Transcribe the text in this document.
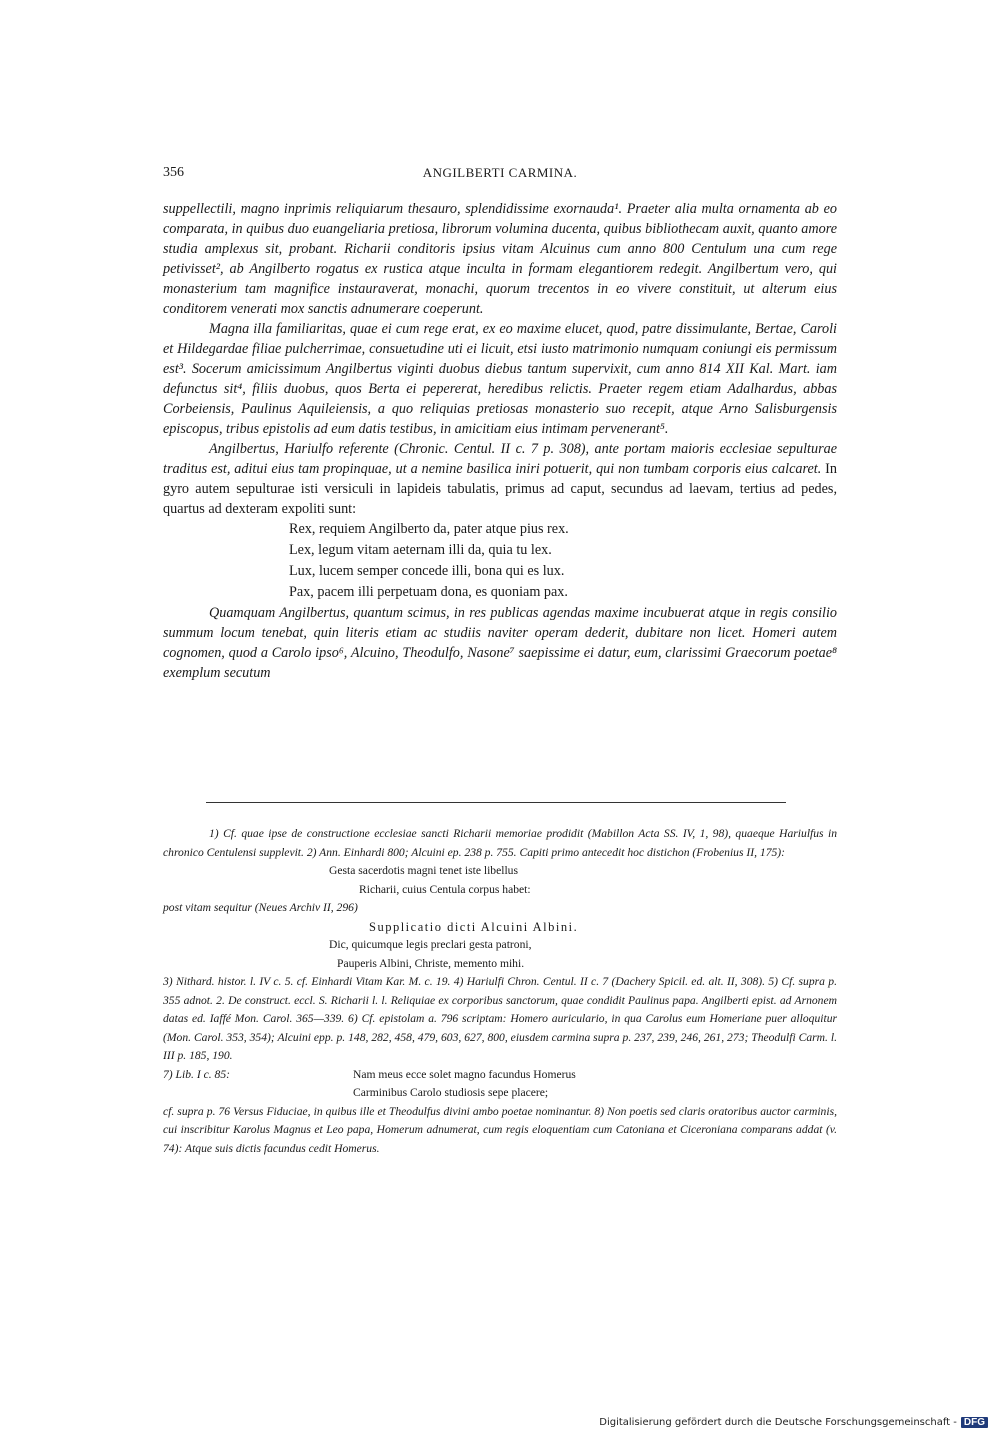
356	ANGILBERTI CARMINA.

suppellectili, magno inprimis reliquiarum thesauro, splendidissime exornauda¹. Praeter alia multa ornamenta ab eo comparata, in quibus duo euangeliaria pretiosa, librorum volumina ducenta, quibus bibliothecam auxit, quanto amore studia amplexus sit, probant. Richarii conditoris ipsius vitam Alcuinus cum anno 800 Centulum una cum rege petivisset², ab Angilberto rogatus ex rustica atque inculta in formam elegantiorem redegit. Angilbertum vero, qui monasterium tam magnifice instauraverat, monachi, quorum trecentos in eo vivere constituit, ut alterum eius conditorem venerati mox sanctis adnumerare coeperunt.

Magna illa familiaritas, quae ei cum rege erat, ex eo maxime elucet, quod, patre dissimulante, Bertae, Caroli et Hildegardae filiae pulcherrimae, consuetudine uti ei licuit, etsi iusto matrimonio numquam coniungi eis permissum est³. Socerum amicissimum Angilbertus viginti duobus diebus tantum supervixit, cum anno 814 XII Kal. Mart. iam defunctus sit⁴, filiis duobus, quos Berta ei pepererat, heredibus relictis. Praeter regem etiam Adalhardus, abbas Corbeiensis, Paulinus Aquileiensis, a quo reliquias pretiosas monasterio suo recepit, atque Arno Salisburgensis episcopus, tribus epistolis ad eum datis testibus, in amicitiam eius intimam pervenerant⁵.

Angilbertus, Hariulfo referente (Chronic. Centul. II c. 7 p. 308), ante portam maioris ecclesiae sepulturae traditus est, aditui eius tam propinquae, ut a nemine basilica iniri potuerit, qui non tumbam corporis eius calcaret. In gyro autem sepulturae isti versiculi in lapideis tabulatis, primus ad caput, secundus ad laevam, tertius ad pedes, quartus ad dexteram expoliti sunt:

Rex, requiem Angilberto da, pater atque pius rex.
Lex, legum vitam aeternam illi da, quia tu lex.
Lux, lucem semper concede illi, bona qui es lux.
Pax, pacem illi perpetuam dona, es quoniam pax.

Quamquam Angilbertus, quantum scimus, in res publicas agendas maxime incubuerat atque in regis consilio summum locum tenebat, quin literis etiam ac studiis naviter operam dederit, dubitare non licet. Homeri autem cognomen, quod a Carolo ipso⁶, Alcuino, Theodulfo, Nasone⁷ saepissime ei datur, eum, clarissimi Graecorum poetae⁸ exemplum secutum

1) Cf. quae ipse de constructione ecclesiae sancti Richarii memoriae prodidit (Mabillon Acta SS. IV, 1, 98), quaeque Hariulfus in chronico Centulensi supplevit. 2) Ann. Einhardi 800; Alcuini ep. 238 p. 755. Capiti primo antecedit hoc distichon (Frobenius II, 175):

Gesta sacerdotis magni tenet iste libellus
Richarii, cuius Centula corpus habet:

post vitam sequitur (Neues Archiv II, 296)

Supplicatio dicti Alcuini Albini.
Dic, quicumque legis preclari gesta patroni,
Pauperis Albini, Christe, memento mihi.

3) Nithard. histor. l. IV c. 5. cf. Einhardi Vitam Kar. M. c. 19. 4) Hariulfi Chron. Centul. II c. 7 (Dachery Spicil. ed. alt. II, 308). 5) Cf. supra p. 355 adnot. 2. De construct. eccl. S. Richarii l. l. Reliquiae ex corporibus sanctorum, quae condidit Paulinus papa. Angilberti epist. ad Arnonem datas ed. Iaffé Mon. Carol. 365—339. 6) Cf. epistolam a. 796 scriptam: Homero auriculario, in qua Carolus eum Homeriane puer alloquitur (Mon. Carol. 353, 354); Alcuini epp. p. 148, 282, 458, 479, 603, 627, 800, eiusdem carmina supra p. 237, 239, 246, 261, 273; Theodulfi Carm. l. III p. 185, 190.

7) Lib. I c. 85:	Nam meus ecce solet magno facundus Homerus
Carminibus Carolo studiosis sepe placere;

cf. supra p. 76 Versus Fiduciae, in quibus ille et Theodulfus divini ambo poetae nominantur. 8) Non poetis sed claris oratoribus auctor carminis, cui inscribitur Karolus Magnus et Leo papa, Homerum adnumerat, cum regis eloquentiam cum Catoniana et Ciceroniana comparans addat (v. 74): Atque suis dictis facundus cedit Homerus.

Digitalisierung gefördert durch die Deutsche Forschungsgemeinschaft - DFG
